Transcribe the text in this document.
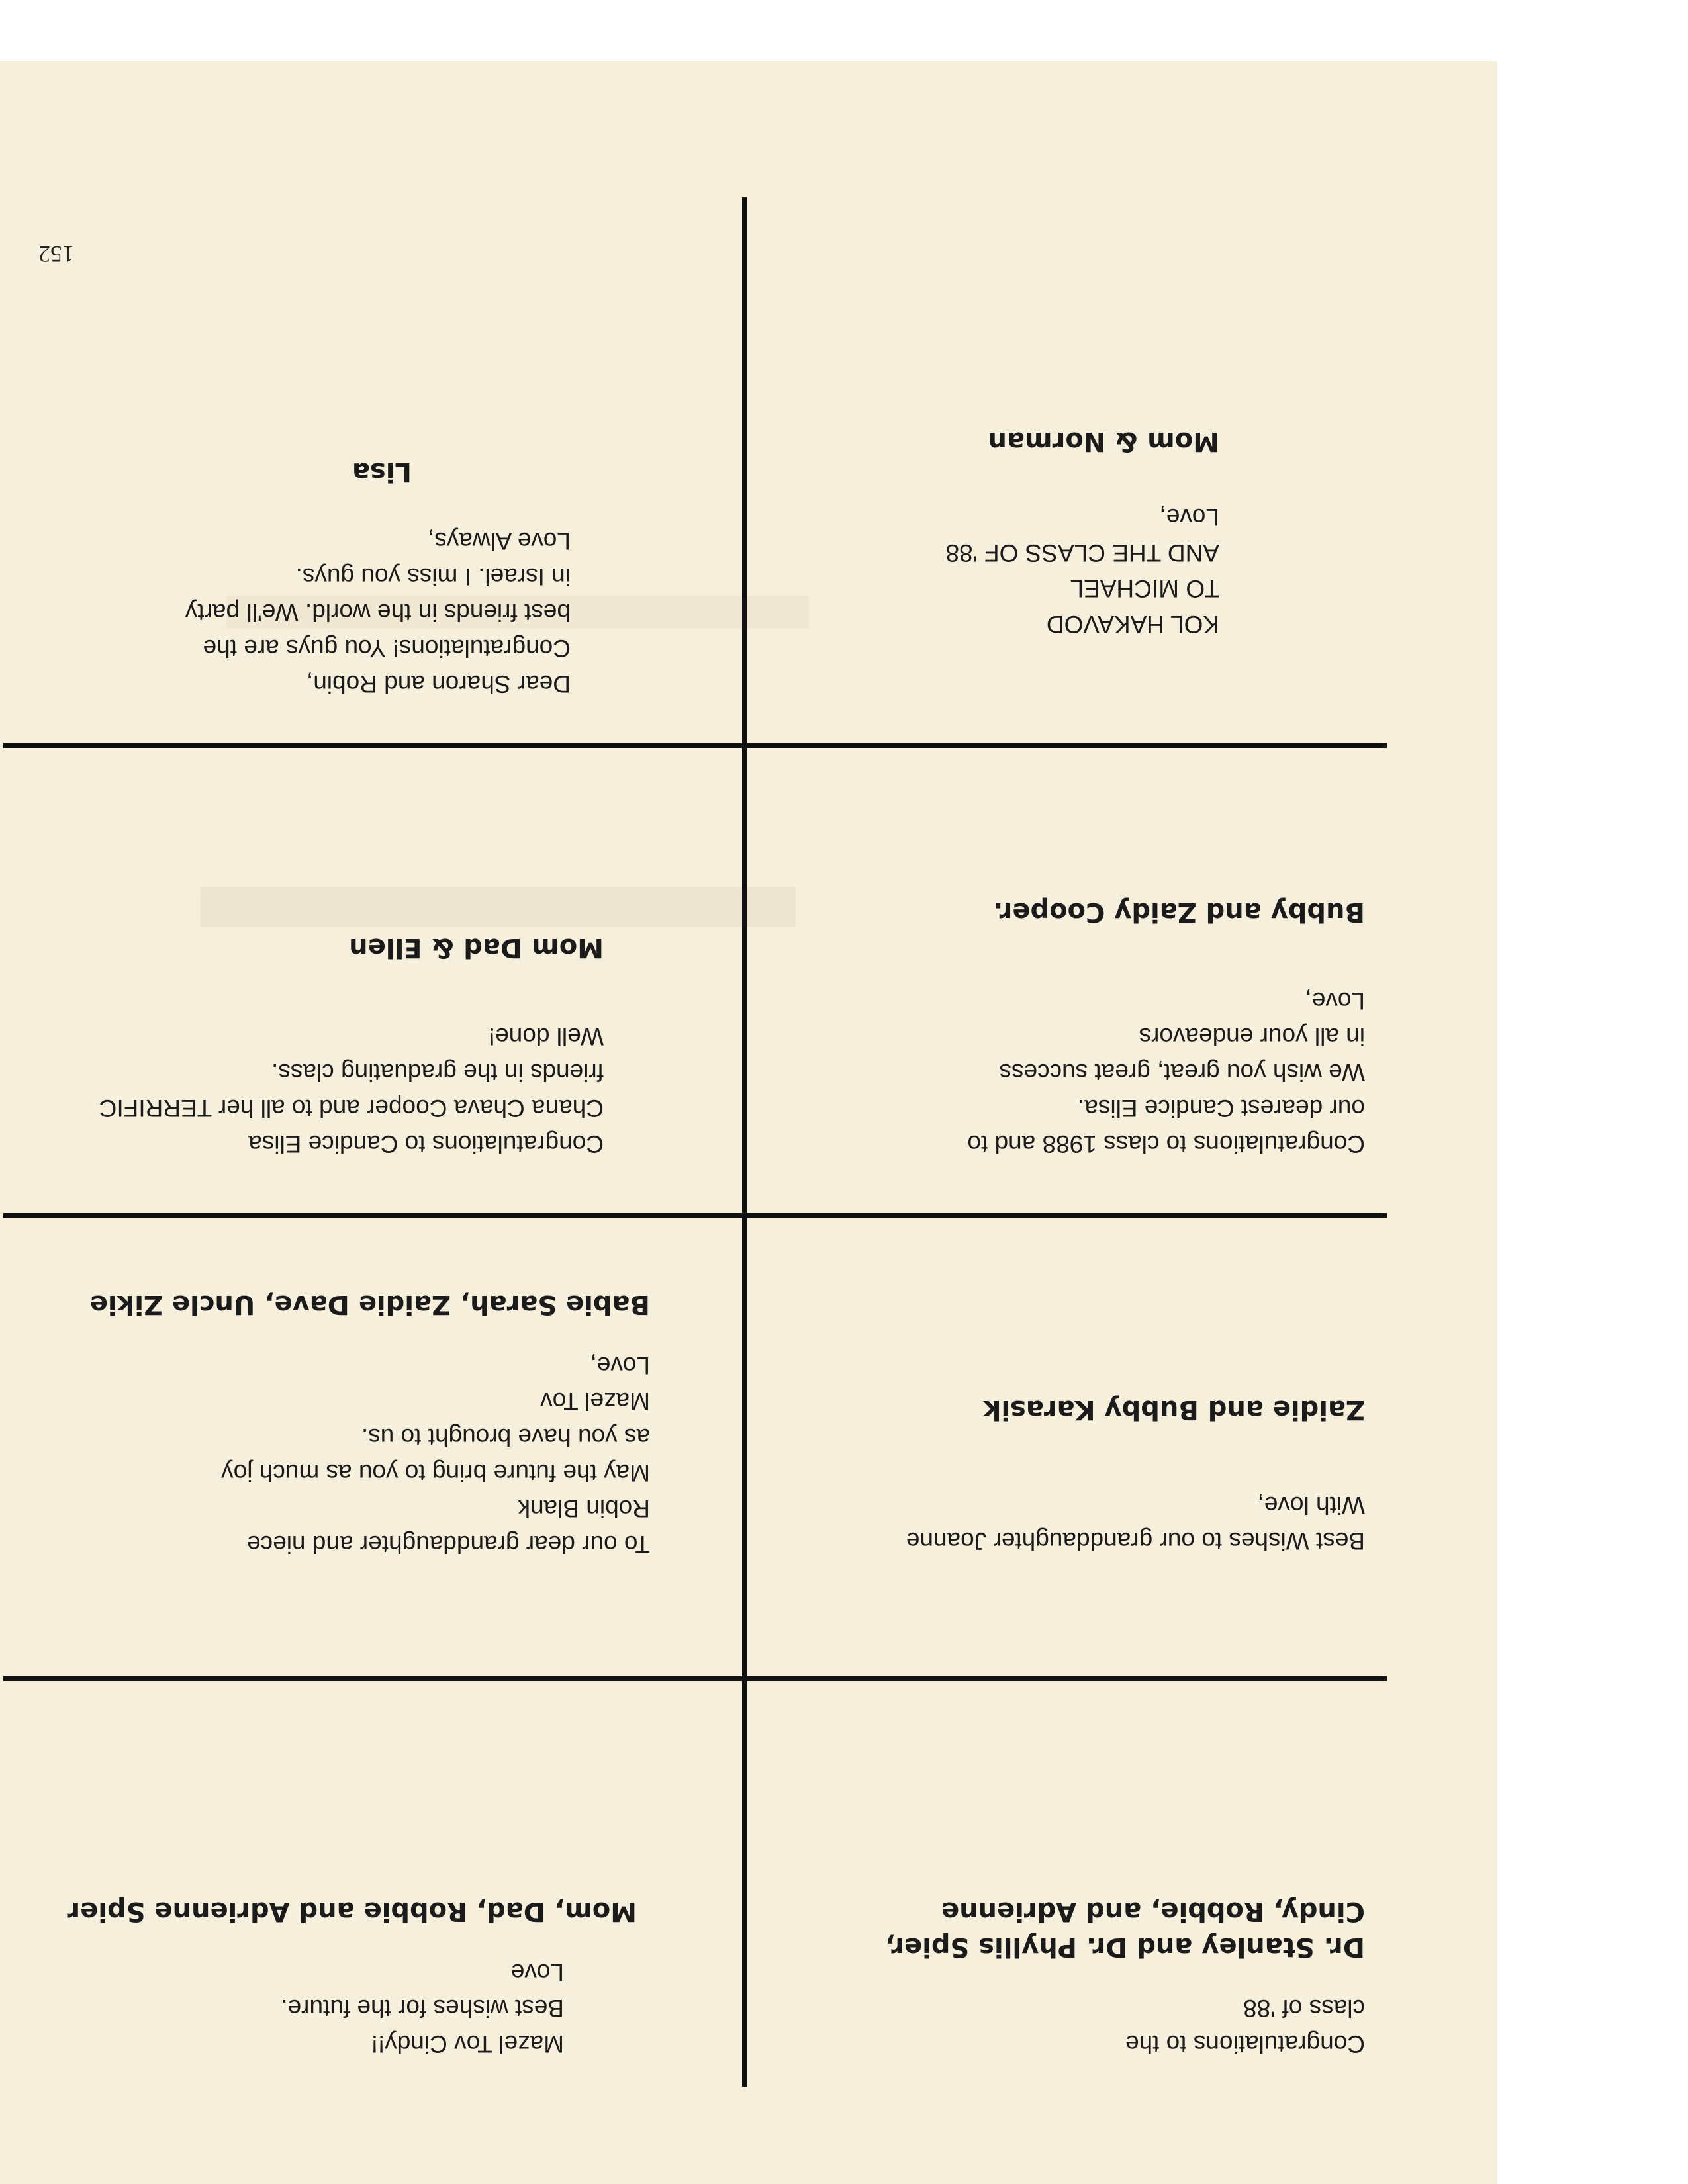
Congratulations to the
class of '88
Dr. Stanley and Dr. Phyllis Spier,
Cindy, Robbie, and Adrienne
Mazel Tov Cindy!!
Best wishes for the future.
Love
Mom, Dad, Robbie and Adrienne Spier
Best Wishes to our granddaughter Joanne
With love,
Zaidie and Bubby Karasik
To our dear granddaughter and niece
Robin Blank
May the future bring to you as much joy
as you have brought to us.
Mazel Tov
Love,
Babie Sarah, Zaidie Dave, Uncle Zikie
Congratulations to class 1988 and to
our dearest Candice Elisa.
We wish you great, great success
in all your endeavors
Love,
Bubby and Zaidy Cooper.
Congratulations to Candice Elisa
Chana Chava Cooper and to all her TERRIFIC
friends in the graduating class.
Well done!
Mom Dad & Ellen
KOL HAKAVOD
TO MICHAEL
AND THE CLASS OF '88
Love,
Mom & Norman
Dear Sharon and Robin,
Congratulations! You guys are the
best friends in the world. We'll party
in Israel. I miss you guys.
Love Always,
Lisa
152
